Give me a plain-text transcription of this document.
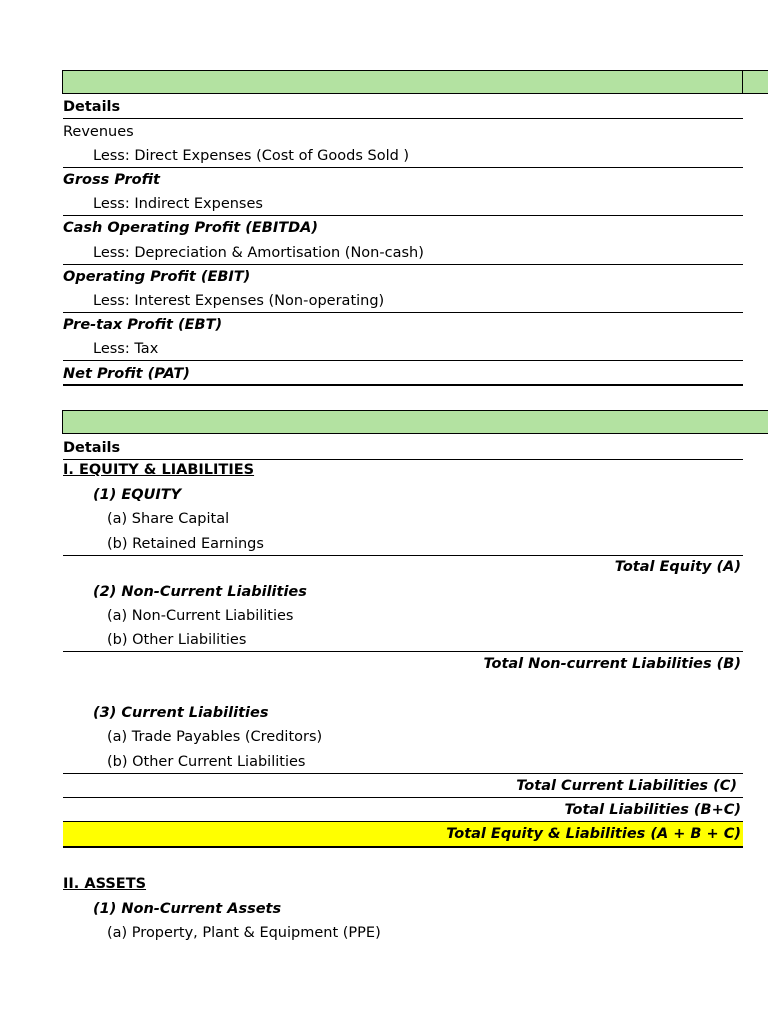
Details
Revenues
Less: Direct Expenses (Cost of Goods Sold )
Gross Profit
Less: Indirect Expenses
Cash Operating Profit (EBITDA)
Less: Depreciation & Amortisation (Non-cash)
Operating Profit (EBIT)
Less: Interest Expenses (Non-operating)
Pre-tax Profit (EBT)
Less: Tax
Net Profit (PAT)
Details
I. EQUITY & LIABILITIES
(1) EQUITY
(a) Share Capital
(b) Retained Earnings
Total Equity (A)
(2) Non-Current Liabilities
(a) Non-Current Liabilities
(b) Other Liabilities
Total Non-current Liabilities (B)
(3) Current Liabilities
(a) Trade Payables (Creditors)
(b) Other Current Liabilities
Total Current Liabilities (C)
Total Liabilities (B+C)
Total Equity & Liabilities (A + B + C)
II. ASSETS
(1) Non-Current Assets
(a) Property, Plant & Equipment (PPE)
